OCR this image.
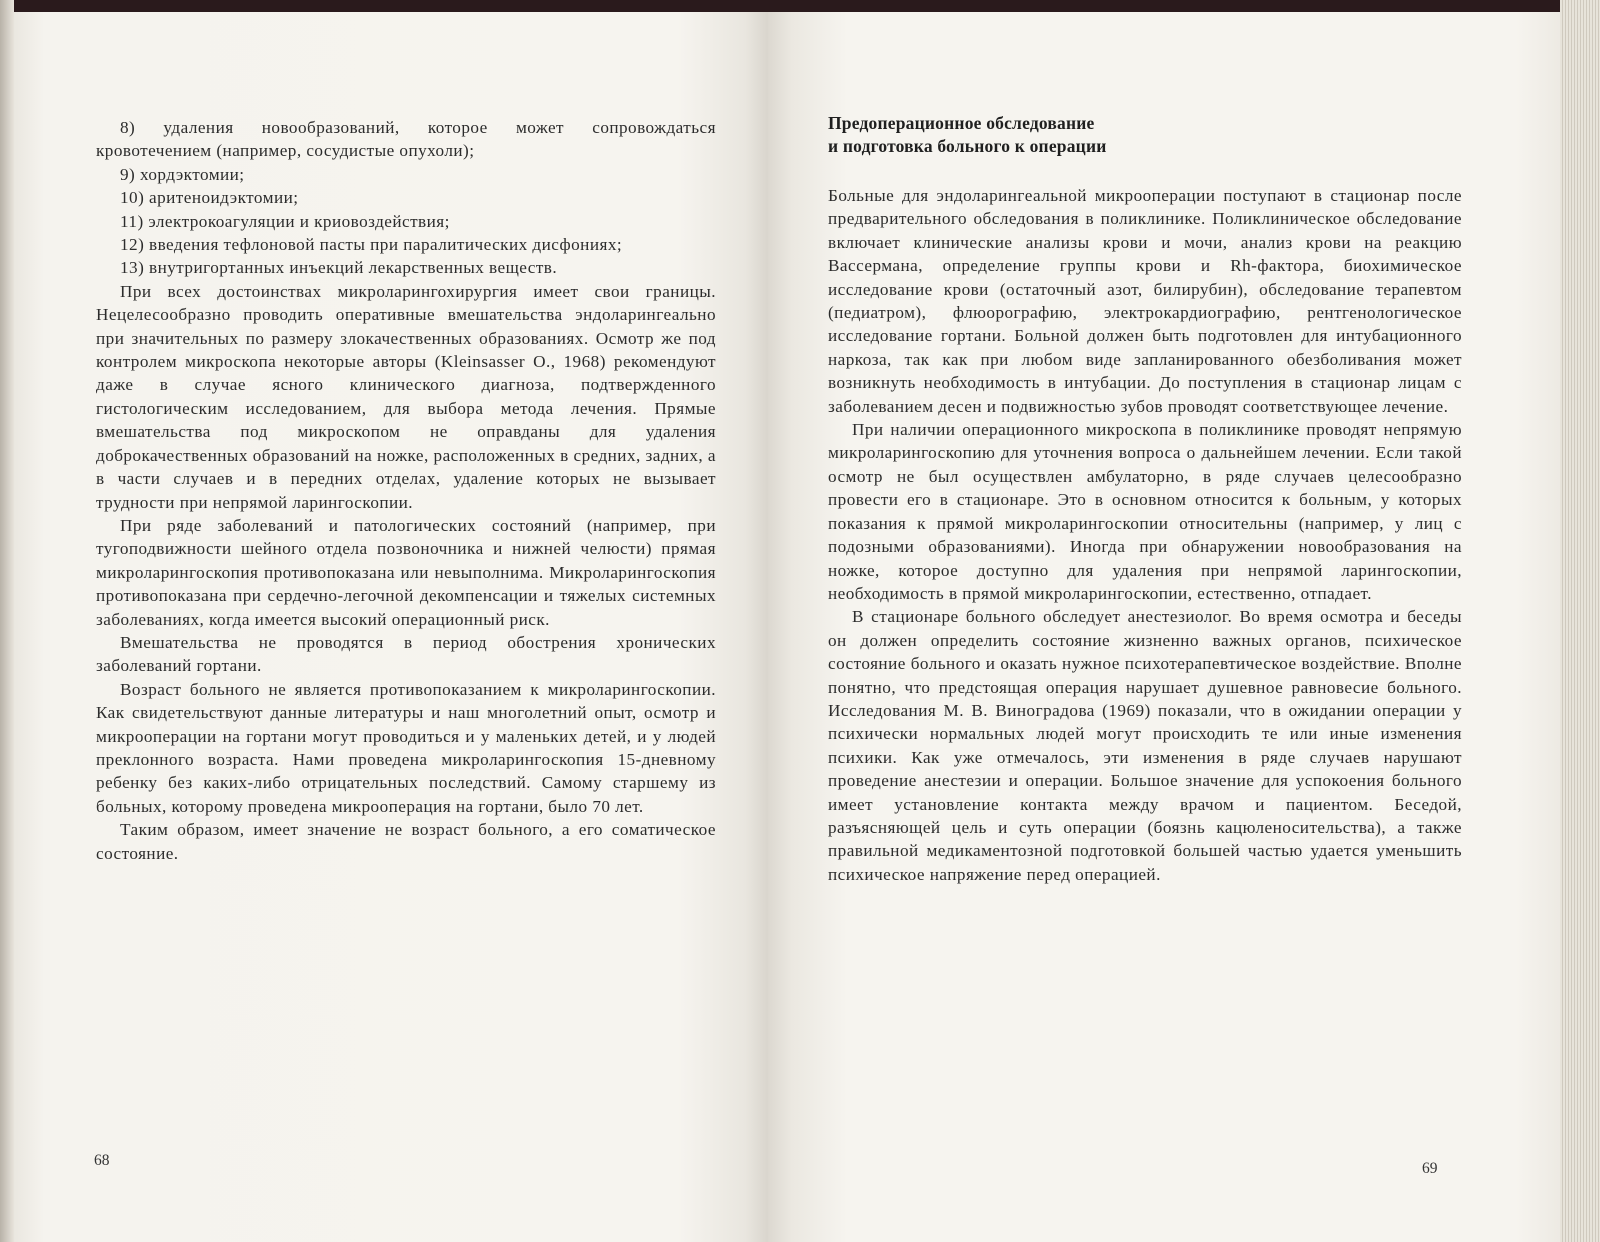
8) удаления новообразований, которое может сопровождаться кровотечением (например, сосудистые опухоли);

9) хордэктомии;

10) аритеноидэктомии;

11) электрокоагуляции и криовоздействия;

12) введения тефлоновой пасты при паралитических дисфониях;

13) внутригортанных инъекций лекарственных веществ.

При всех достоинствах микроларингохирургия имеет свои границы. Нецелесообразно проводить оперативные вмешательства эндоларингеально при значительных по размеру злокачественных образованиях. Осмотр же под контролем микроскопа некоторые авторы (Kleinsasser O., 1968) рекомендуют даже в случае ясного клинического диагноза, подтвержденного гистологическим исследованием, для выбора метода лечения. Прямые вмешательства под микроскопом не оправданы для удаления доброкачественных образований на ножке, расположенных в средних, задних, а в части случаев и в передних отделах, удаление которых не вызывает трудности при непрямой ларингоскопии.

При ряде заболеваний и патологических состояний (например, при тугоподвижности шейного отдела позвоночника и нижней челюсти) прямая микроларингоскопия противопоказана или невыполнима. Микроларингоскопия противопоказана при сердечно-легочной декомпенсации и тяжелых системных заболеваниях, когда имеется высокий операционный риск.

Вмешательства не проводятся в период обострения хронических заболеваний гортани.

Возраст больного не является противопоказанием к микроларингоскопии. Как свидетельствуют данные литературы и наш многолетний опыт, осмотр и микрооперации на гортани могут проводиться и у маленьких детей, и у людей преклонного возраста. Нами проведена микроларингоскопия 15-дневному ребенку без каких-либо отрицательных последствий. Самому старшему из больных, которому проведена микрооперация на гортани, было 70 лет.

Таким образом, имеет значение не возраст больного, а его соматическое состояние.

68
Предоперационное обследование
и подготовка больного к операции

Больные для эндоларингеальной микрооперации поступают в стационар после предварительного обследования в поликлинике. Поликлиническое обследование включает клинические анализы крови и мочи, анализ крови на реакцию Вассермана, определение группы крови и Rh-фактора, биохимическое исследование крови (остаточный азот, билирубин), обследование терапевтом (педиатром), флюорографию, электрокардиографию, рентгенологическое исследование гортани. Больной должен быть подготовлен для интубационного наркоза, так как при любом виде запланированного обезболивания может возникнуть необходимость в интубации. До поступления в стационар лицам с заболеванием десен и подвижностью зубов проводят соответствующее лечение.

При наличии операционного микроскопа в поликлинике проводят непрямую микроларингоскопию для уточнения вопроса о дальнейшем лечении. Если такой осмотр не был осуществлен амбулаторно, в ряде случаев целесообразно провести его в стационаре. Это в основном относится к больным, у которых показания к прямой микроларингоскопии относительны (например, у лиц с подозными образованиями). Иногда при обнаружении новообразования на ножке, которое доступно для удаления при непрямой ларингоскопии, необходимость в прямой микроларингоскопии, естественно, отпадает.

В стационаре больного обследует анестезиолог. Во время осмотра и беседы он должен определить состояние жизненно важных органов, психическое состояние больного и оказать нужное психотерапевтическое воздействие. Вполне понятно, что предстоящая операция нарушает душевное равновесие больного. Исследования М. В. Виноградова (1969) показали, что в ожидании операции у психически нормальных людей могут происходить те или иные изменения психики. Как уже отмечалось, эти изменения в ряде случаев нарушают проведение анестезии и операции. Большое значение для успокоения больного имеет установление контакта между врачом и пациентом. Беседой, разъясняющей цель и суть операции (боязнь кацюленосительства), а также правильной медикаментозной подготовкой большей частью удается уменьшить психическое напряжение перед операцией.

69
